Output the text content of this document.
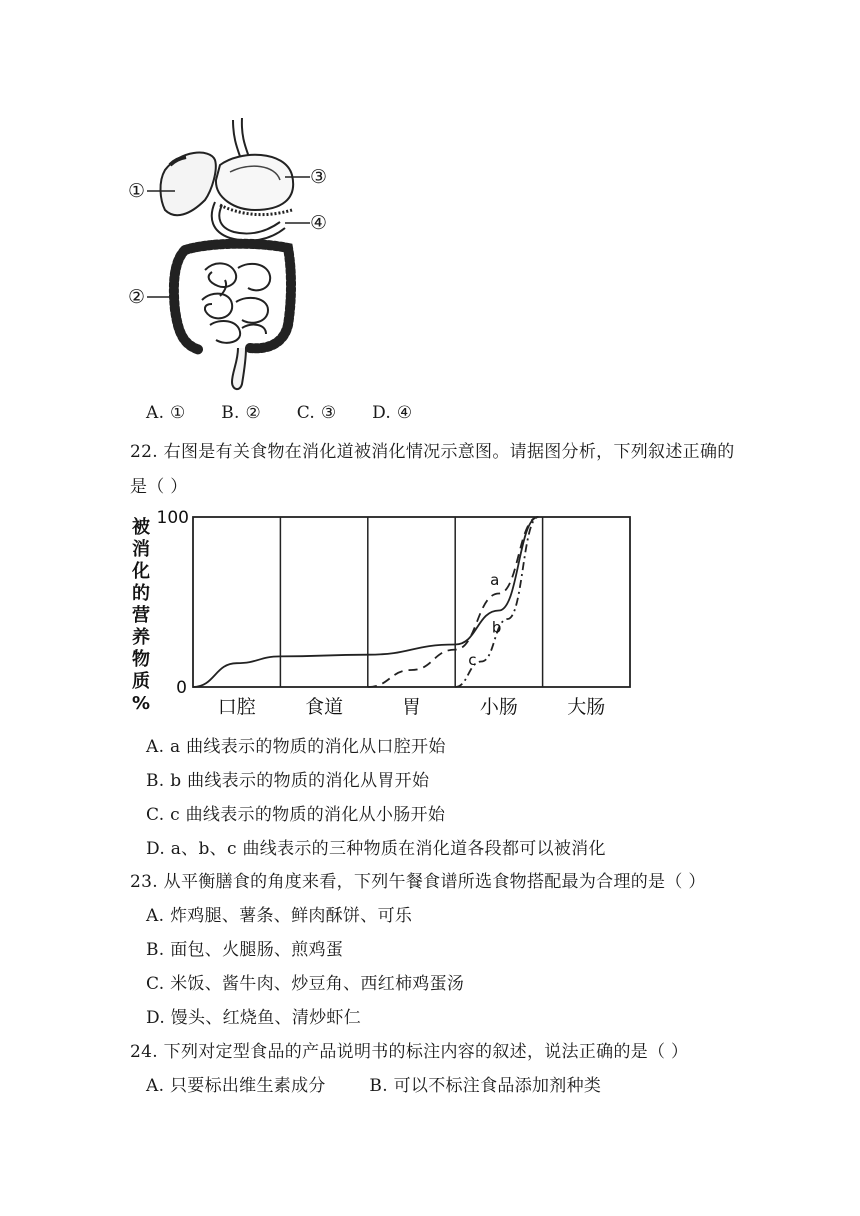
①
②
③
④
A. ① B. ② C. ③ D. ④
22. 右图是有关食物在消化道被消化情况示意图。请据图分析，下列叙述正确的
是（ ）
口腔	食道	胃	小肠	大肠
0
100
被
消
化
的
营
养
物
质
%
a
b
c
A. a 曲线表示的物质的消化从口腔开始
B. b 曲线表示的物质的消化从胃开始
C. c 曲线表示的物质的消化从小肠开始
D. a、b、c 曲线表示的三种物质在消化道各段都可以被消化
23. 从平衡膳食的角度来看，下列午餐食谱所选食物搭配最为合理的是（ ）
A. 炸鸡腿、薯条、鲜肉酥饼、可乐
B. 面包、火腿肠、煎鸡蛋
C. 米饭、酱牛肉、炒豆角、西红柿鸡蛋汤
D. 馒头、红烧鱼、清炒虾仁
24. 下列对定型食品的产品说明书的标注内容的叙述，说法正确的是（ ）
A. 只要标出维生素成分	B. 可以不标注食品添加剂种类
